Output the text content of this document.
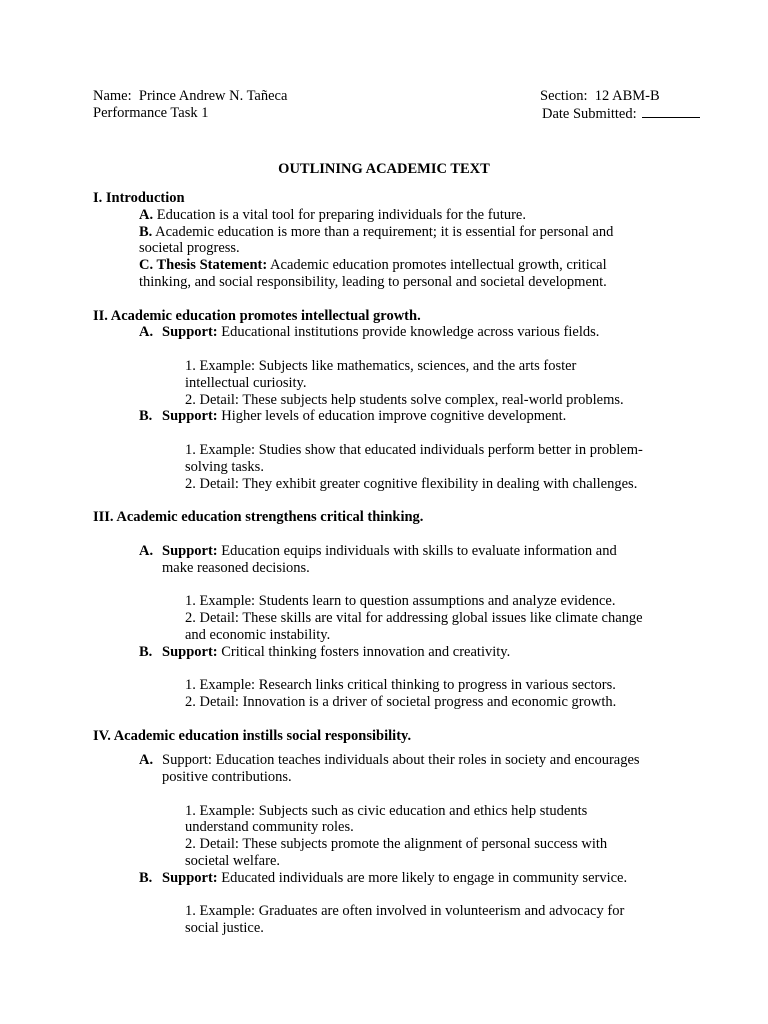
Name: Prince Andrew N. Tañeca	Section: 12 ABM-B
Performance Task 1	Date Submitted:
OUTLINING ACADEMIC TEXT
I. Introduction
A. Education is a vital tool for preparing individuals for the future.
B. Academic education is more than a requirement; it is essential for personal and
societal progress.
C. Thesis Statement: Academic education promotes intellectual growth, critical
thinking, and social responsibility, leading to personal and societal development.
II. Academic education promotes intellectual growth.
A. Support: Educational institutions provide knowledge across various fields.
1. Example: Subjects like mathematics, sciences, and the arts foster
intellectual curiosity.
2. Detail: These subjects help students solve complex, real-world problems.
B. Support: Higher levels of education improve cognitive development.
1. Example: Studies show that educated individuals perform better in problem-
solving tasks.
2. Detail: They exhibit greater cognitive flexibility in dealing with challenges.
III. Academic education strengthens critical thinking.
A. Support: Education equips individuals with skills to evaluate information and
make reasoned decisions.
1. Example: Students learn to question assumptions and analyze evidence.
2. Detail: These skills are vital for addressing global issues like climate change
and economic instability.
B. Support: Critical thinking fosters innovation and creativity.
1. Example: Research links critical thinking to progress in various sectors.
2. Detail: Innovation is a driver of societal progress and economic growth.
IV. Academic education instills social responsibility.
A. Support: Education teaches individuals about their roles in society and encourages
positive contributions.
1. Example: Subjects such as civic education and ethics help students
understand community roles.
2. Detail: These subjects promote the alignment of personal success with
societal welfare.
B. Support: Educated individuals are more likely to engage in community service.
1. Example: Graduates are often involved in volunteerism and advocacy for
social justice.
